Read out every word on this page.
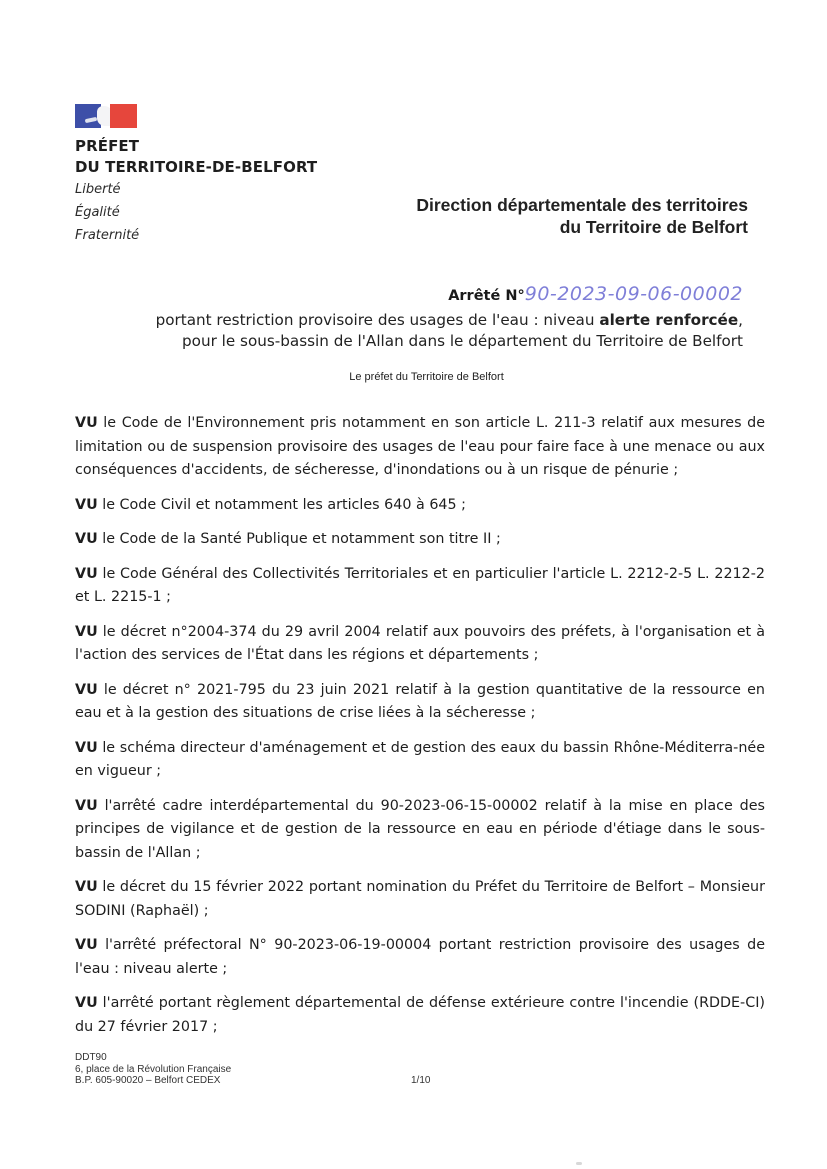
PRÉFET
DU TERRITOIRE-DE-BELFORT
Liberté
Égalité
Fraternité
Direction départementale des territoires
du Territoire de Belfort
Arrêté N°90-2023-09-06-00002
portant restriction provisoire des usages de l'eau : niveau alerte renforcée,
pour le sous-bassin de l'Allan dans le département du Territoire de Belfort
Le préfet du Territoire de Belfort

VU le Code de l'Environnement pris notamment en son article L. 211-3 relatif aux mesures de limitation ou de suspension provisoire des usages de l'eau pour faire face à une menace ou aux conséquences d'accidents, de sécheresse, d'inondations ou à un risque de pénurie ;

VU le Code Civil et notamment les articles 640 à 645 ;

VU le Code de la Santé Publique et notamment son titre II ;

VU le Code Général des Collectivités Territoriales et en particulier l'article L. 2212-2-5 L. 2212-2 et L. 2215-1 ;

VU le décret n°2004-374 du 29 avril 2004 relatif aux pouvoirs des préfets, à l'organisation et à l'action des services de l'État dans les régions et départements ;

VU le décret n° 2021-795 du 23 juin 2021 relatif à la gestion quantitative de la ressource en eau et à la gestion des situations de crise liées à la sécheresse ;

VU le schéma directeur d'aménagement et de gestion des eaux du bassin Rhône-Méditerra-née en vigueur ;

VU l'arrêté cadre interdépartemental du 90-2023-06-15-00002 relatif à la mise en place des principes de vigilance et de gestion de la ressource en eau en période d'étiage dans le sous-bassin de l'Allan ;

VU le décret du 15 février 2022 portant nomination du Préfet du Territoire de Belfort – Monsieur SODINI (Raphaël) ;

VU l'arrêté préfectoral N° 90-2023-06-19-00004 portant restriction provisoire des usages de l'eau : niveau alerte ;

VU l'arrêté portant règlement départemental de défense extérieure contre l'incendie (RDDE-CI) du 27 février 2017 ;

DDT90
6, place de la Révolution Française
B.P. 605-90020 – Belfort CEDEX	1/10
